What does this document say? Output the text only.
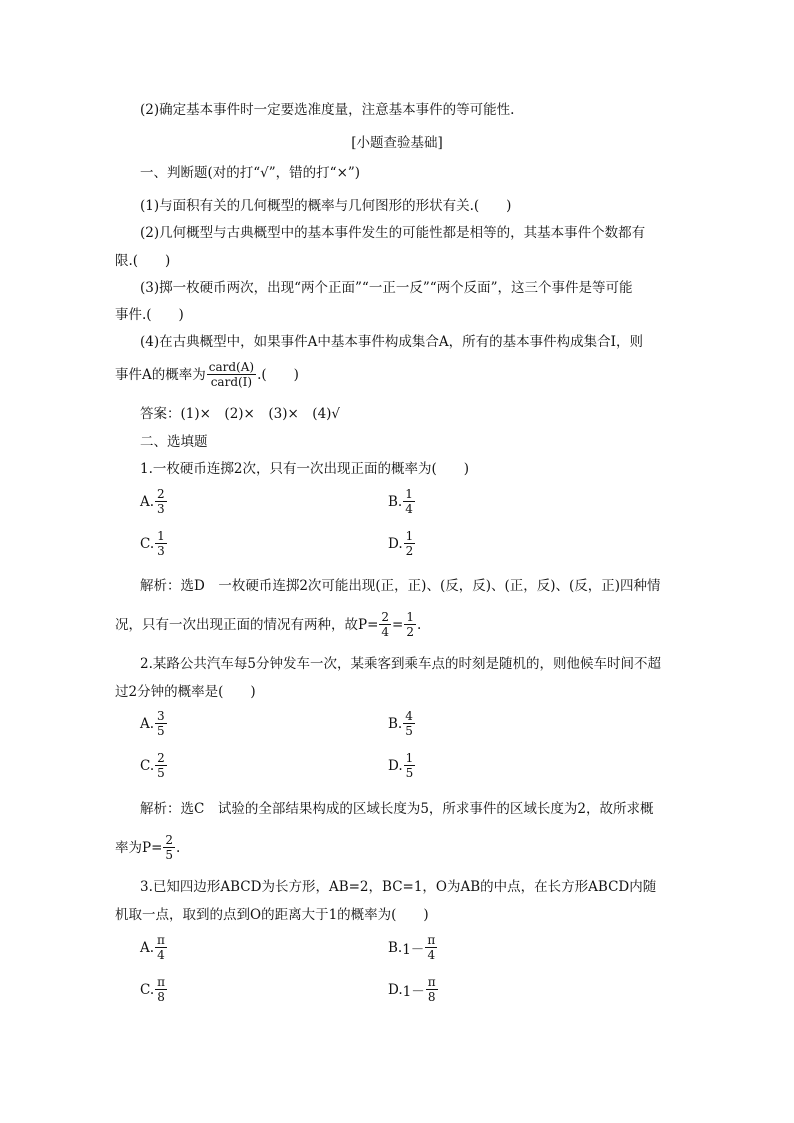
(2)确定基本事件时一定要选准度量，注意基本事件的等可能性.
[小题查验基础]
一、判断题(对的打“√”，错的打“×”)
(1)与面积有关的几何概型的概率与几何图形的形状有关.(　　)
(2)几何概型与古典概型中的基本事件发生的可能性都是相等的，其基本事件个数都有
限.(　　)
(3)掷一枚硬币两次，出现“两个正面”“一正一反”“两个反面”，这三个事件是等可能
事件.(　　)
(4)在古典概型中，如果事件A中基本事件构成集合A，所有的基本事件构成集合I，则
事件A的概率为 $\frac{\text{card(A)}}{\text{card(I)}}$ .(　　)
答案：(1)×　(2)×　(3)×　(4)√
二、选填题
1.一枚硬币连掷2次，只有一次出现正面的概率为(　　)
A. $\frac{2}{3}$	B. $\frac{1}{4}$
C. $\frac{1}{3}$	D. $\frac{1}{2}$
解析：选D　一枚硬币连掷2次可能出现(正，正)、(反，反)、(正，反)、(反，正)四种情
况，只有一次出现正面的情况有两种，故$P= \frac{2}{4} = \frac{1}{2}$ .
2.某路公共汽车每5分钟发车一次，某乘客到乘车点的时刻是随机的，则他候车时间不超
过2分钟的概率是(　　)
A. $\frac{3}{5}$	B. $\frac{4}{5}$
C. $\frac{2}{5}$	D. $\frac{1}{5}$
解析：选C　试验的全部结果构成的区域长度为5，所求事件的区域长度为2，故所求概
率为$P= \frac{2}{5}$ .
3.已知四边形ABCD为长方形，AB=2，BC=1，O为AB的中点，在长方形ABCD内随
机取一点，取到的点到O的距离大于1的概率为(　　)
A. $\frac{\pi}{4}$	B. $1- \frac{\pi}{4}$
C. $\frac{\pi}{8}$	D. $1- \frac{\pi}{8}$
